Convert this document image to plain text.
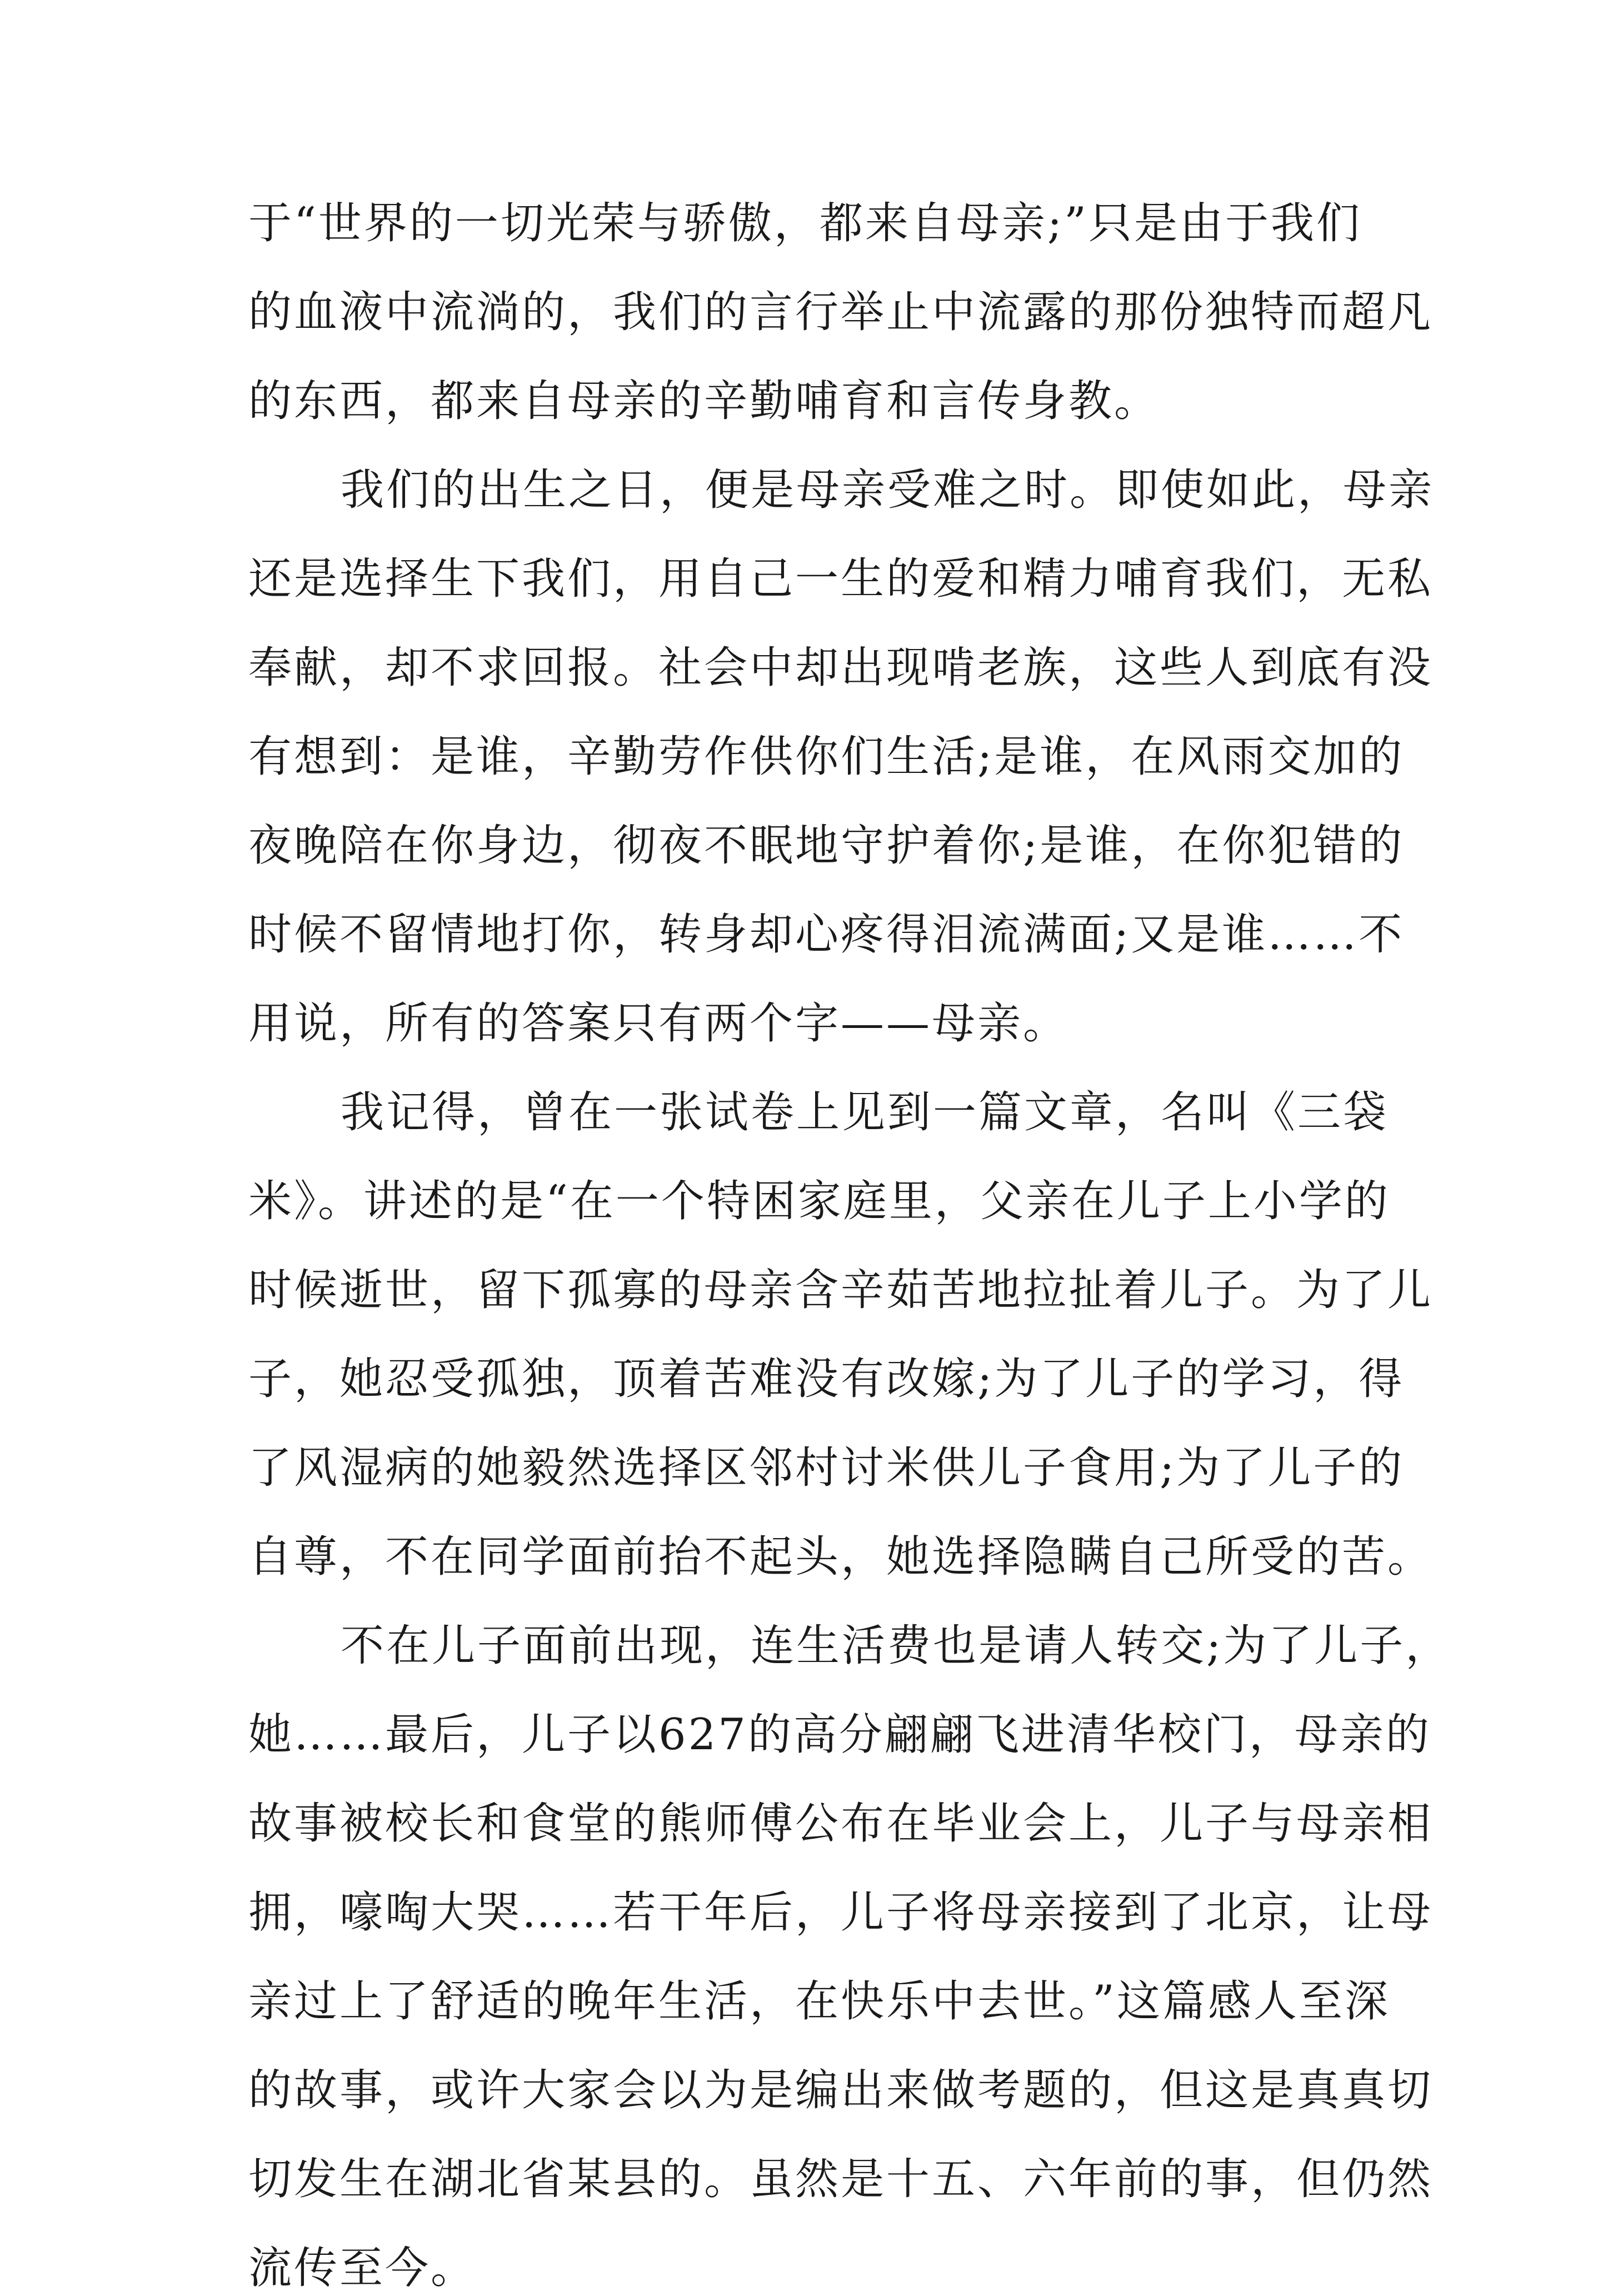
于“世界的一切光荣与骄傲，都来自母亲;”只是由于我们
的血液中流淌的，我们的言行举止中流露的那份独特而超凡
的东西，都来自母亲的辛勤哺育和言传身教。
我们的出生之日，便是母亲受难之时。即使如此，母亲
还是选择生下我们，用自己一生的爱和精力哺育我们，无私
奉献，却不求回报。社会中却出现啃老族，这些人到底有没
有想到：是谁，辛勤劳作供你们生活;是谁，在风雨交加的
夜晚陪在你身边，彻夜不眠地守护着你;是谁，在你犯错的
时候不留情地打你，转身却心疼得泪流满面;又是谁……不
用说，所有的答案只有两个字——母亲。
我记得，曾在一张试卷上见到一篇文章，名叫《三袋
米》。讲述的是“在一个特困家庭里，父亲在儿子上小学的
时候逝世，留下孤寡的母亲含辛茹苦地拉扯着儿子。为了儿
子，她忍受孤独，顶着苦难没有改嫁;为了儿子的学习，得
了风湿病的她毅然选择区邻村讨米供儿子食用;为了儿子的
自尊，不在同学面前抬不起头，她选择隐瞒自己所受的苦。
不在儿子面前出现，连生活费也是请人转交;为了儿子，
她……最后，儿子以627的高分翩翩飞进清华校门，母亲的
故事被校长和食堂的熊师傅公布在毕业会上，儿子与母亲相
拥，嚎啕大哭……若干年后，儿子将母亲接到了北京，让母
亲过上了舒适的晚年生活，在快乐中去世。”这篇感人至深
的故事，或许大家会以为是编出来做考题的，但这是真真切
切发生在湖北省某县的。虽然是十五、六年前的事，但仍然
流传至今。
